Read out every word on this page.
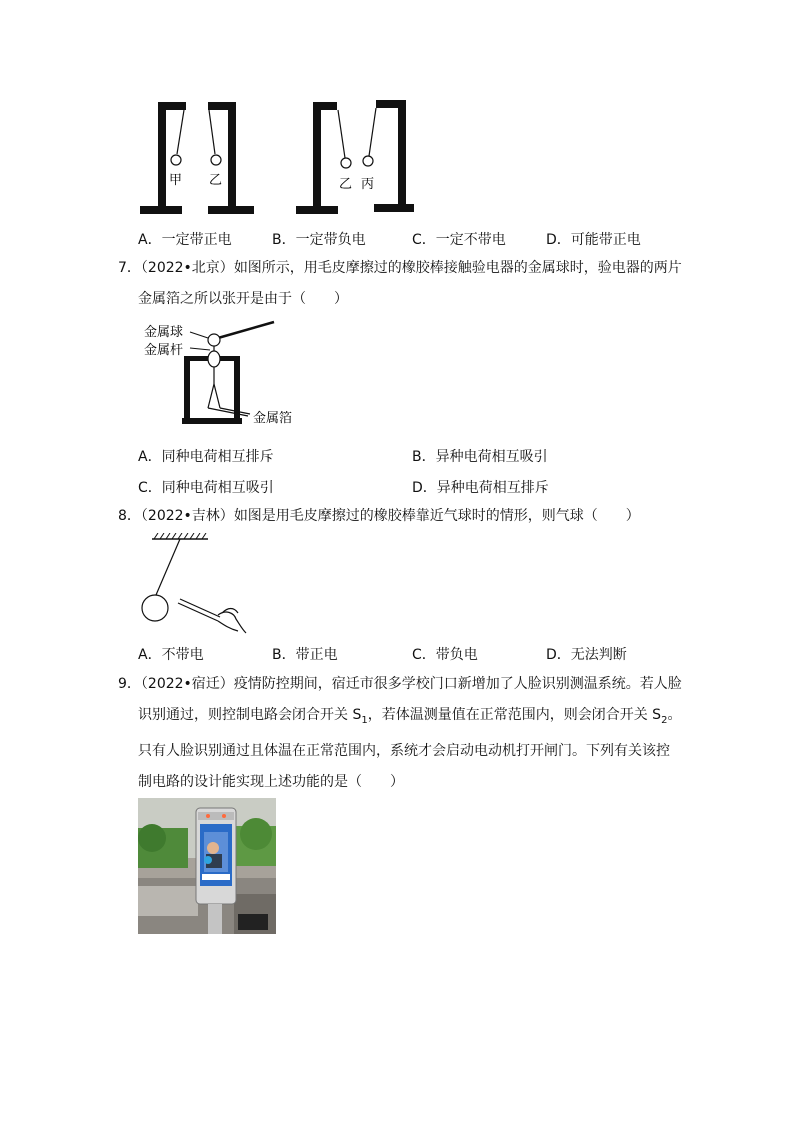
甲 乙	乙 丙
A．一定带正电	B．一定带负电	C．一定不带电	D．可能带正电
7．（2022•北京）如图所示，用毛皮摩擦过的橡胶棒接触验电器的金属球时，验电器的两片
金属箔之所以张开是由于（　　）
金属球
金属杆
金属箔
A．同种电荷相互排斥	B．异种电荷相互吸引
C．同种电荷相互吸引	D．异种电荷相互排斥
8．（2022•吉林）如图是用毛皮摩擦过的橡胶棒靠近气球时的情形，则气球（　　）
A．不带电	B．带正电	C．带负电	D．无法判断
9．（2022•宿迁）疫情防控期间，宿迁市很多学校门口新增加了人脸识别测温系统。若人脸
识别通过，则控制电路会闭合开关 $S_1$，若体温测量值在正常范围内，则会闭合开关 $S_2$。
只有人脸识别通过且体温在正常范围内，系统才会启动电动机打开闸门。下列有关该控
制电路的设计能实现上述功能的是（　　）
